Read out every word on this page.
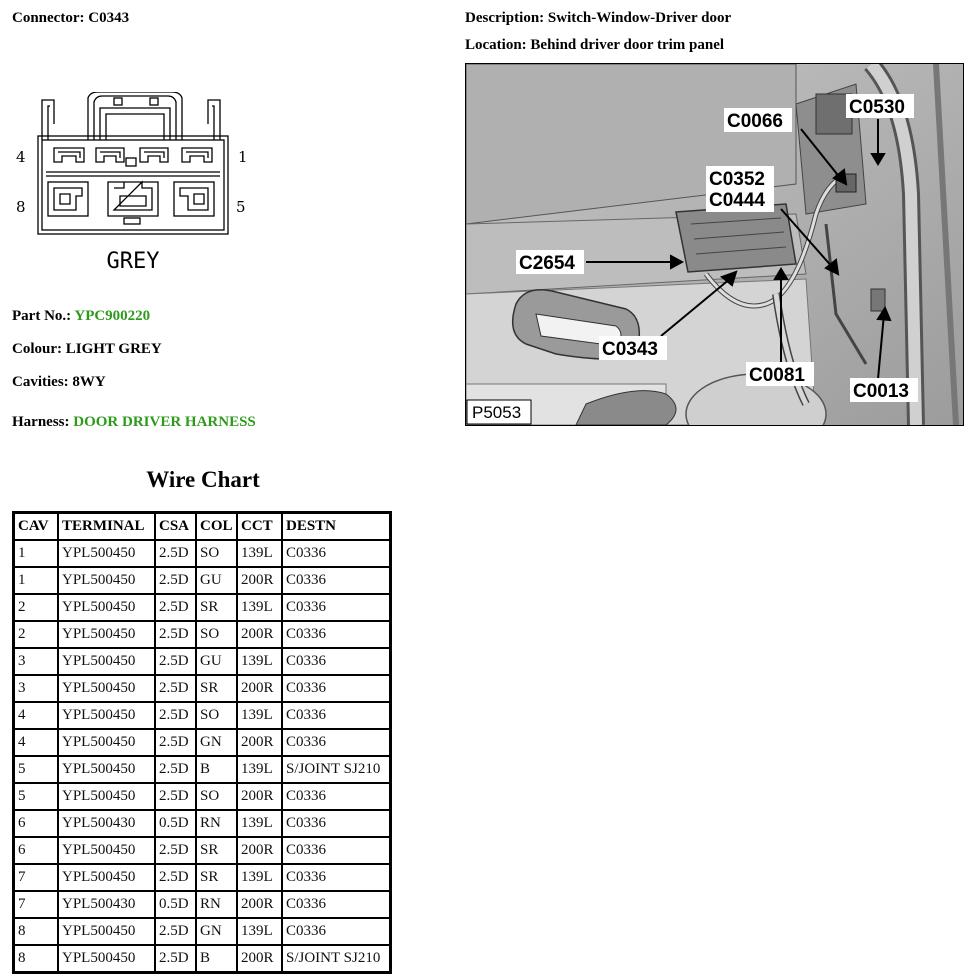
Connector: C0343	Description: Switch-Window-Driver door
Location: Behind driver door trim panel
4	1
8	5
GREY
Part No.: YPC900220
Colour: LIGHT GREY
Cavities: 8WY
Harness: DOOR DRIVER HARNESS
C0530
C0066
C0352
C0444
C2654
C0343
C0081
C0013
P5053
Wire Chart
CAV	TERMINAL	CSA	COL	CCT	DESTN
1	YPL500450	2.5D	SO	139L	C0336
1	YPL500450	2.5D	GU	200R	C0336
2	YPL500450	2.5D	SR	139L	C0336
2	YPL500450	2.5D	SO	200R	C0336
3	YPL500450	2.5D	GU	139L	C0336
3	YPL500450	2.5D	SR	200R	C0336
4	YPL500450	2.5D	SO	139L	C0336
4	YPL500450	2.5D	GN	200R	C0336
5	YPL500450	2.5D	B	139L	S/JOINT SJ210
5	YPL500450	2.5D	SO	200R	C0336
6	YPL500430	0.5D	RN	139L	C0336
6	YPL500450	2.5D	SR	200R	C0336
7	YPL500450	2.5D	SR	139L	C0336
7	YPL500430	0.5D	RN	200R	C0336
8	YPL500450	2.5D	GN	139L	C0336
8	YPL500450	2.5D	B	200R	S/JOINT SJ210
